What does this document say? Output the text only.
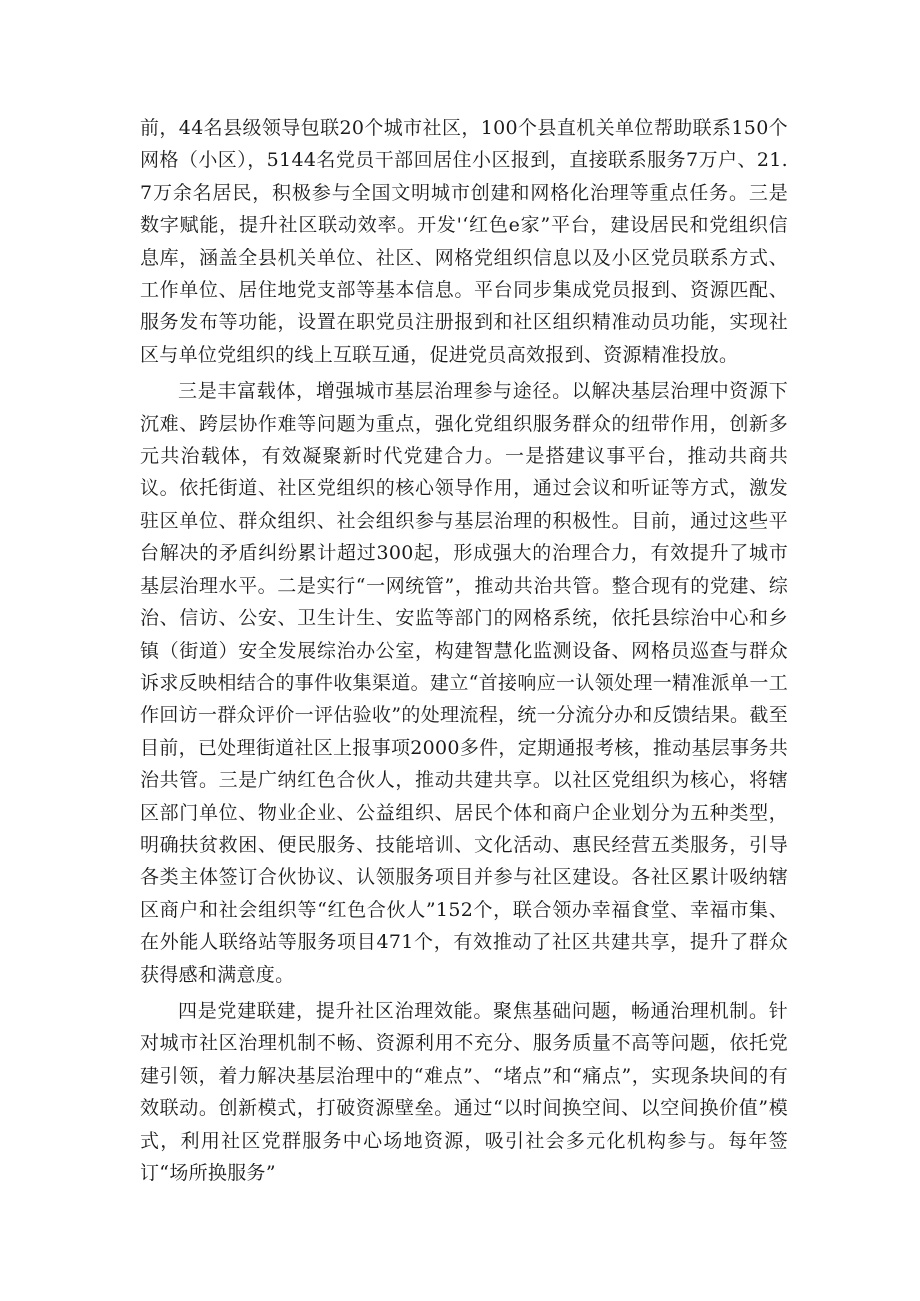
前，44名县级领导包联20个城市社区，100个县直机关单位帮助联系150个网格（小区），5144名党员干部回居住小区报到，直接联系服务7万户、21.7万余名居民，积极参与全国文明城市创建和网格化治理等重点任务。三是数字赋能，提升社区联动效率。开发'‘红色e家”平台，建设居民和党组织信息库，涵盖全县机关单位、社区、网格党组织信息以及小区党员联系方式、工作单位、居住地党支部等基本信息。平台同步集成党员报到、资源匹配、服务发布等功能，设置在职党员注册报到和社区组织精准动员功能，实现社区与单位党组织的线上互联互通，促进党员高效报到、资源精准投放。

三是丰富载体，增强城市基层治理参与途径。以解决基层治理中资源下沉难、跨层协作难等问题为重点，强化党组织服务群众的纽带作用，创新多元共治载体，有效凝聚新时代党建合力。一是搭建议事平台，推动共商共议。依托街道、社区党组织的核心领导作用，通过会议和听证等方式，激发驻区单位、群众组织、社会组织参与基层治理的积极性。目前，通过这些平台解决的矛盾纠纷累计超过300起，形成强大的治理合力，有效提升了城市基层治理水平。二是实行“一网统管”，推动共治共管。整合现有的党建、综治、信访、公安、卫生计生、安监等部门的网格系统，依托县综治中心和乡镇（街道）安全发展综治办公室，构建智慧化监测设备、网格员巡查与群众诉求反映相结合的事件收集渠道。建立“首接响应一认领处理一精准派单一工作回访一群众评价一评估验收”的处理流程，统一分流分办和反馈结果。截至目前，已处理街道社区上报事项2000多件，定期通报考核，推动基层事务共治共管。三是广纳红色合伙人，推动共建共享。以社区党组织为核心，将辖区部门单位、物业企业、公益组织、居民个体和商户企业划分为五种类型，明确扶贫救困、便民服务、技能培训、文化活动、惠民经营五类服务，引导各类主体签订合伙协议、认领服务项目并参与社区建设。各社区累计吸纳辖区商户和社会组织等“红色合伙人”152个，联合领办幸福食堂、幸福市集、在外能人联络站等服务项目471个，有效推动了社区共建共享，提升了群众获得感和满意度。

四是党建联建，提升社区治理效能。聚焦基础问题，畅通治理机制。针对城市社区治理机制不畅、资源利用不充分、服务质量不高等问题，依托党建引领，着力解决基层治理中的“难点”、“堵点”和“痛点”，实现条块间的有效联动。创新模式，打破资源壁垒。通过“以时间换空间、以空间换价值”模式，利用社区党群服务中心场地资源，吸引社会多元化机构参与。每年签订“场所换服务”
